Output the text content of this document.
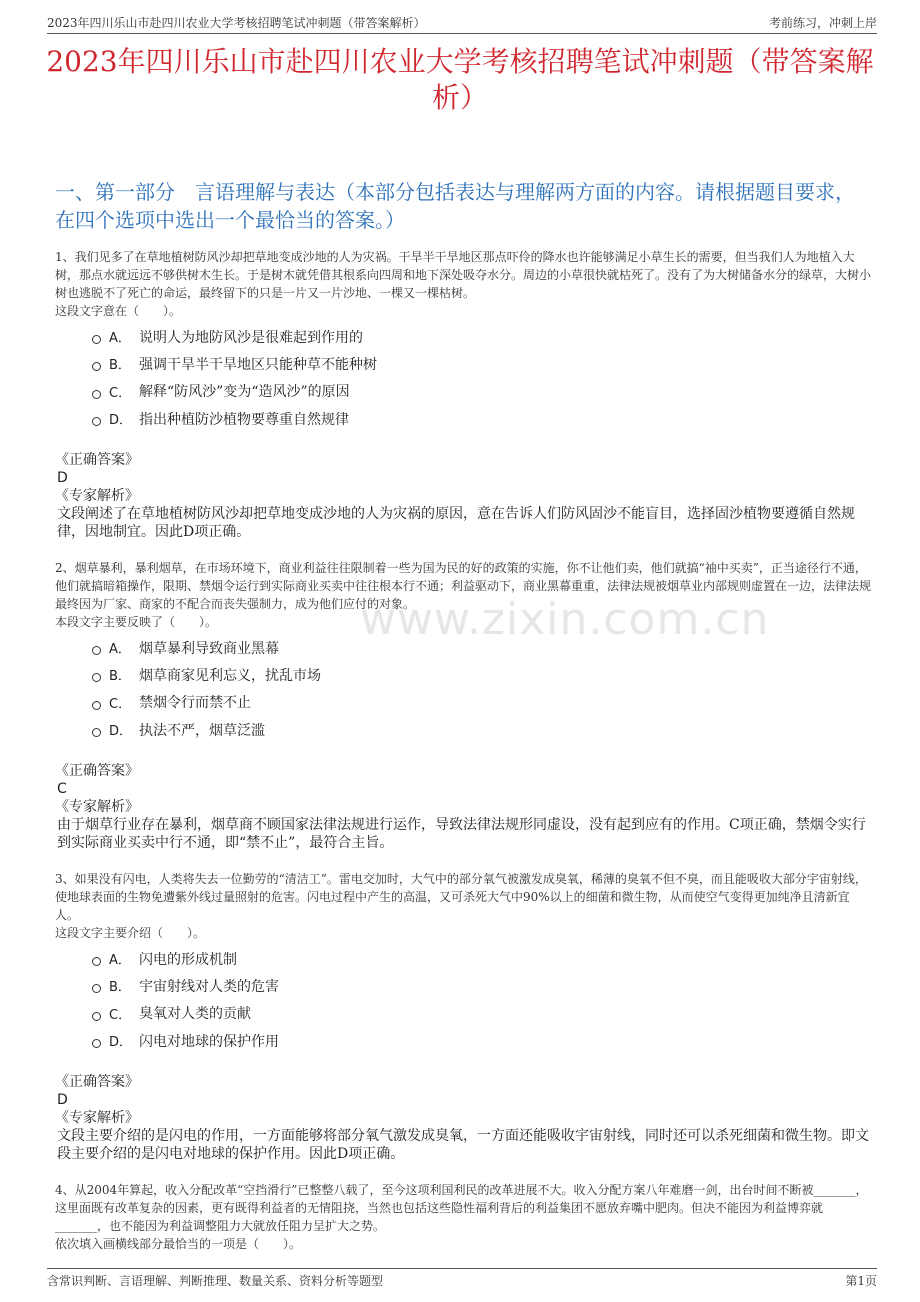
2023年四川乐山市赴四川农业大学考核招聘笔试冲刺题（带答案解析）	考前练习，冲刺上岸
2023年四川乐山市赴四川农业大学考核招聘笔试冲刺题（带答案解析）
一、第一部分　言语理解与表达（本部分包括表达与理解两方面的内容。请根据题目要求，在四个选项中选出一个最恰当的答案。）
www.zixin.com.cn
1、我们见多了在草地植树防风沙却把草地变成沙地的人为灾祸。干旱半干旱地区那点吓伶的降水也许能够满足小草生长的需要，但当我们人为地植入大树，那点水就远远不够供树木生长。于是树木就凭借其根系向四周和地下深处吸夺水分。周边的小草很快就枯死了。没有了为大树储备水分的绿草，大树小树也逃脱不了死亡的命运，最终留下的只是一片又一片沙地、一棵又一棵枯树。
这段文字意在（　　）。
A． 说明人为地防风沙是很难起到作用的
B． 强调干旱半干旱地区只能种草不能种树
C． 解释“防风沙”变为“造风沙”的原因
D． 指出种植防沙植物要尊重自然规律
《正确答案》
D
《专家解析》
文段阐述了在草地植树防风沙却把草地变成沙地的人为灾祸的原因，意在告诉人们防风固沙不能盲目，选择固沙植物要遵循自然规律，因地制宜。因此D项正确。
2、烟草暴利，暴利烟草，在市场环境下，商业利益往往限制着一些为国为民的好的政策的实施，你不让他们卖，他们就搞“袖中买卖”，正当途径行不通，他们就搞暗箱操作，限期、禁烟令运行到实际商业买卖中往往根本行不通；利益驱动下，商业黑幕重重，法律法规被烟草业内部规则虚置在一边，法律法规最终因为厂家、商家的不配合而丧失强制力，成为他们应付的对象。
本段文字主要反映了（　　）。
A． 烟草暴利导致商业黑幕
B． 烟草商家见利忘义，扰乱市场
C． 禁烟令行而禁不止
D． 执法不严，烟草泛滥
《正确答案》
C
《专家解析》
由于烟草行业存在暴利，烟草商不顾国家法律法规进行运作，导致法律法规形同虚设，没有起到应有的作用。C项正确，禁烟令实行到实际商业买卖中行不通，即“禁不止”，最符合主旨。
3、如果没有闪电，人类将失去一位勤劳的“清洁工”。雷电交加时，大气中的部分氧气被激发成臭氧，稀薄的臭氧不但不臭，而且能吸收大部分宇宙射线，使地球表面的生物免遭紫外线过量照射的危害。闪电过程中产生的高温，又可杀死大气中90%以上的细菌和微生物，从而使空气变得更加纯净且清新宜人。
这段文字主要介绍（　　）。
A． 闪电的形成机制
B． 宇宙射线对人类的危害
C． 臭氧对人类的贡献
D． 闪电对地球的保护作用
《正确答案》
D
《专家解析》
文段主要介绍的是闪电的作用，一方面能够将部分氧气激发成臭氧，一方面还能吸收宇宙射线，同时还可以杀死细菌和微生物。即文段主要介绍的是闪电对地球的保护作用。因此D项正确。
4、从2004年算起，收入分配改革“空挡滑行”已整整八载了，至今这项利国利民的改革进展不大。收入分配方案八年难磨一剑，出台时间不断被_______，这里面既有改革复杂的因素，更有既得利益者的无情阻挠，当然也包括这些隐性福利背后的利益集团不愿放弃嘴中肥肉。但决不能因为利益博弈就_______，也不能因为利益调整阻力大就放任阻力呈扩大之势。
依次填入画横线部分最恰当的一项是（　　）。
含常识判断、言语理解、判断推理、数量关系、资料分析等题型	第1页
